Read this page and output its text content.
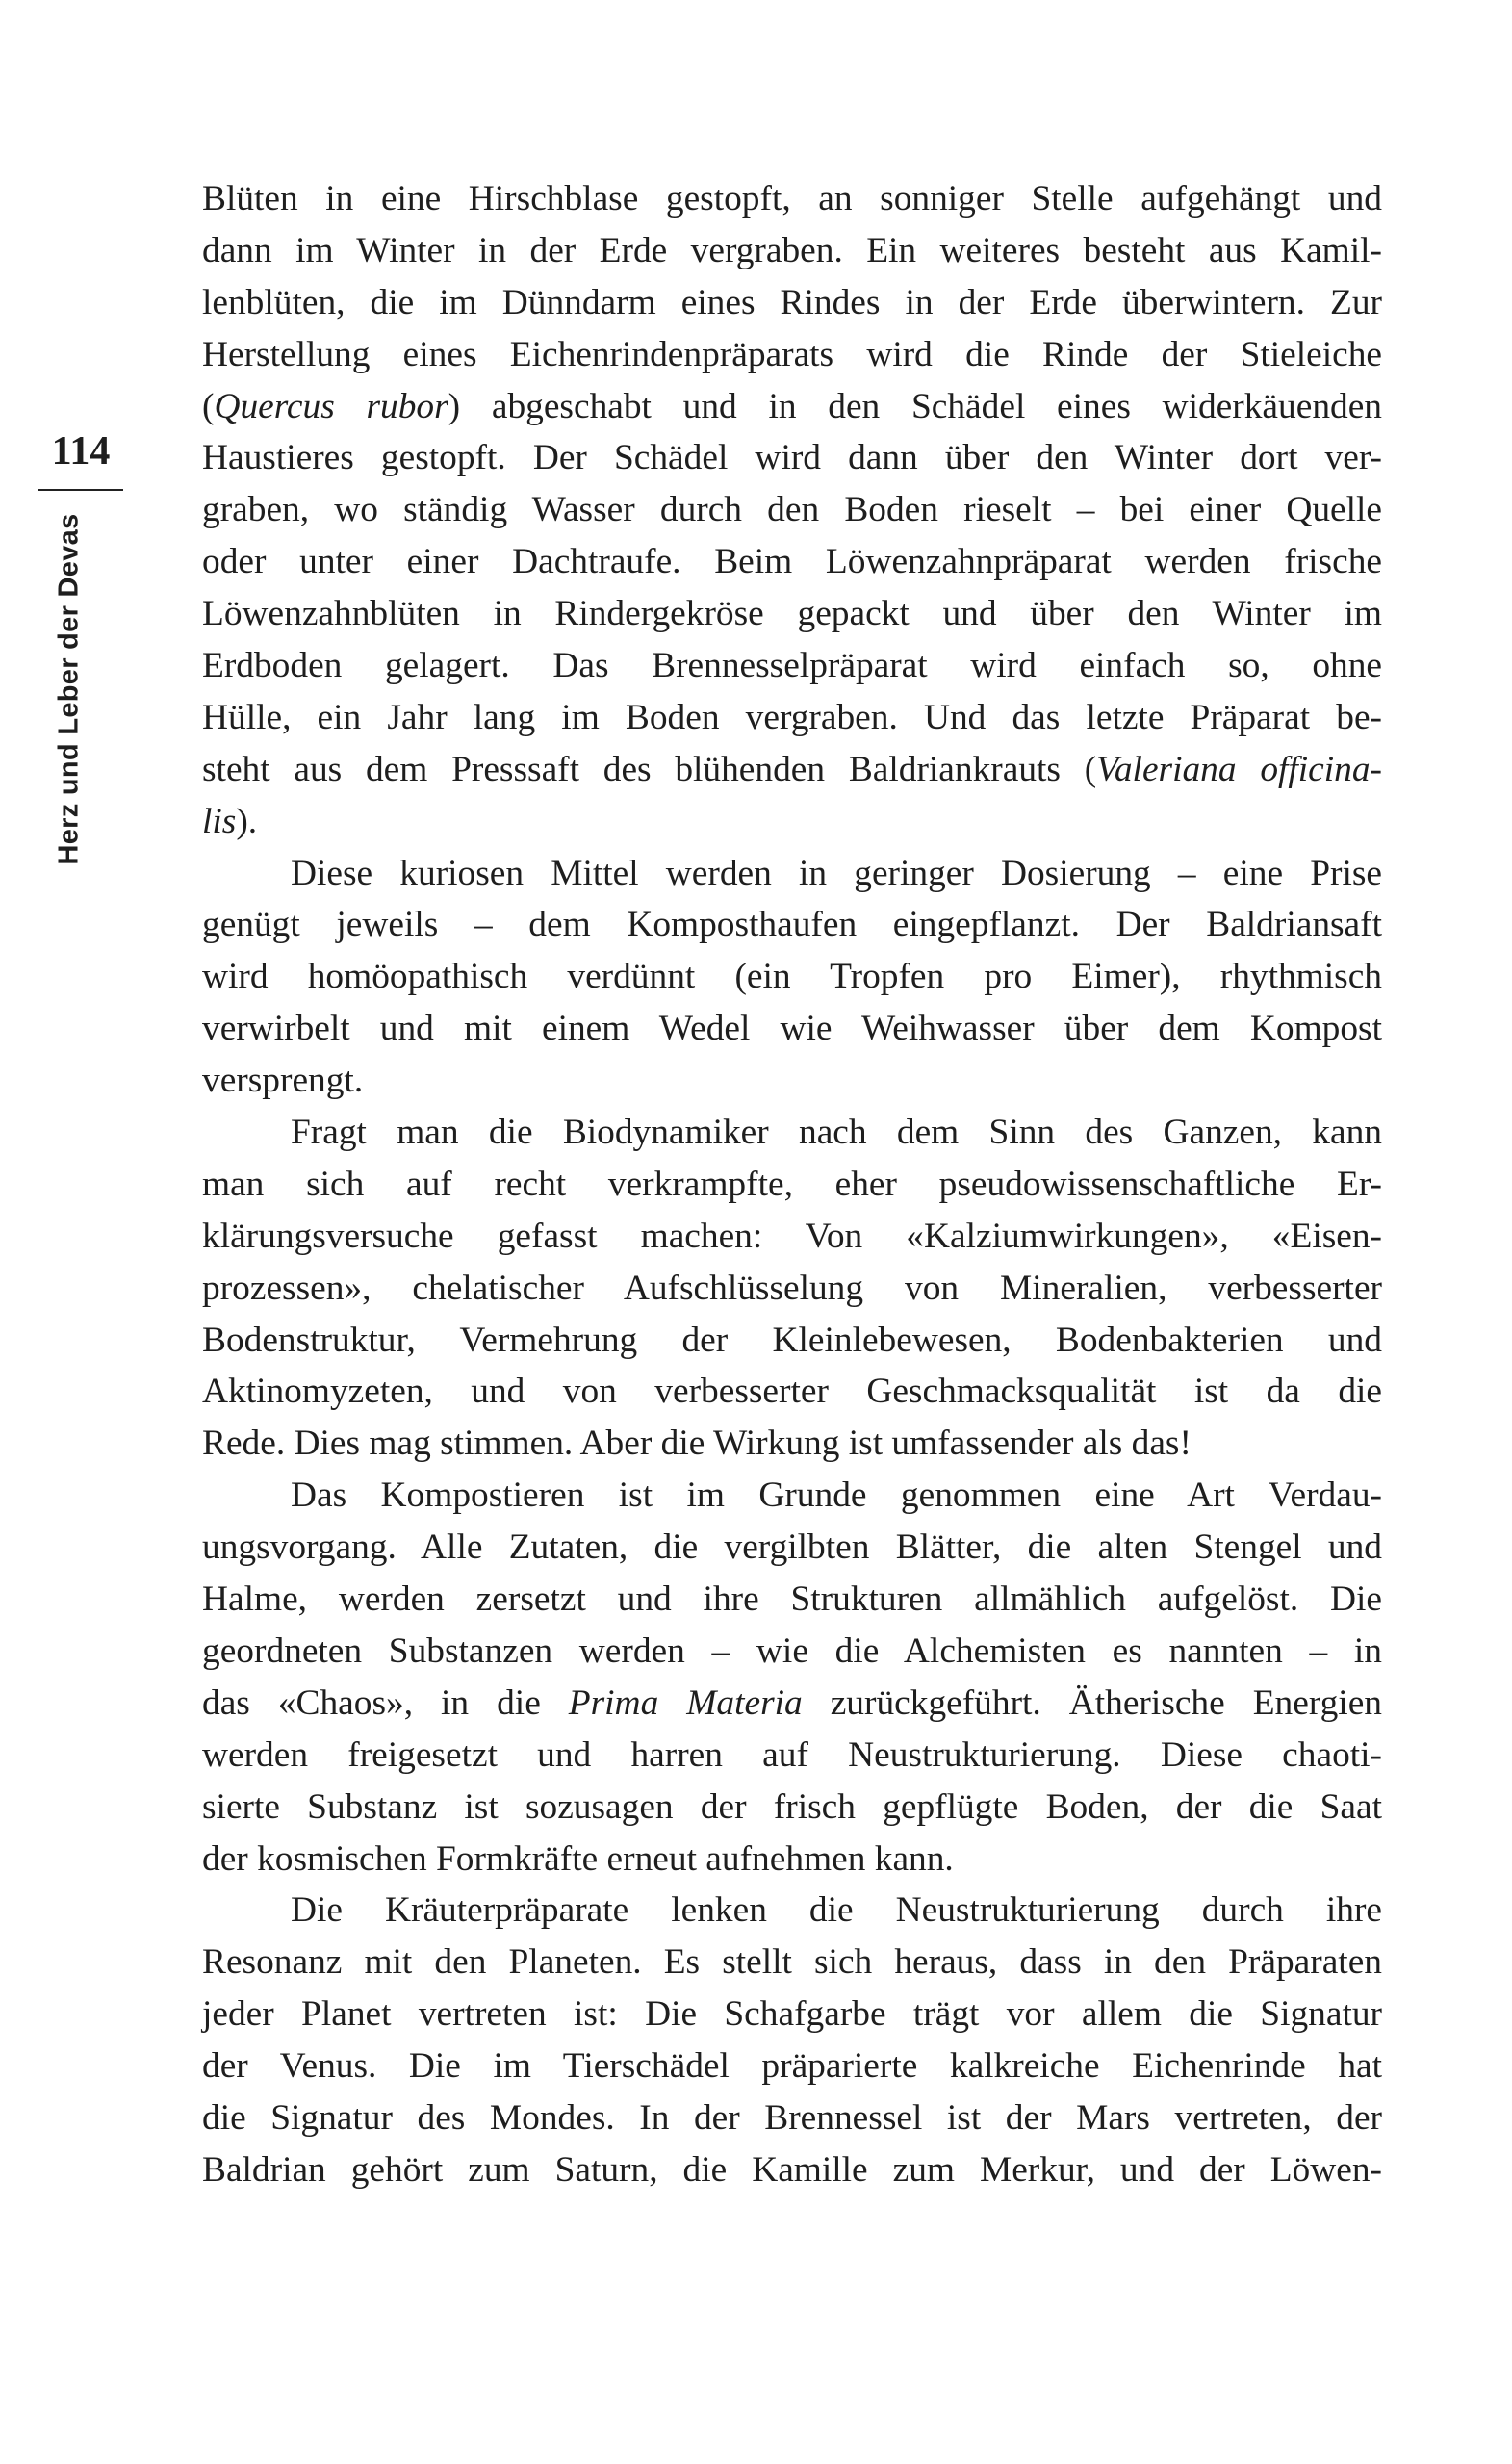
114
Herz und Leber der Devas
Blüten in eine Hirschblase gestopft, an sonniger Stelle aufgehängt und
dann im Winter in der Erde vergraben. Ein weiteres besteht aus Kamil-
lenblüten, die im Dünndarm eines Rindes in der Erde überwintern. Zur
Herstellung eines Eichenrindenpräparats wird die Rinde der Stieleiche
(Quercus rubor) abgeschabt und in den Schädel eines widerkäuenden
Haustieres gestopft. Der Schädel wird dann über den Winter dort ver-
graben, wo ständig Wasser durch den Boden rieselt – bei einer Quelle
oder unter einer Dachtraufe. Beim Löwenzahnpräparat werden frische
Löwenzahnblüten in Rindergekröse gepackt und über den Winter im
Erdboden gelagert. Das Brennesselpräparat wird einfach so, ohne
Hülle, ein Jahr lang im Boden vergraben. Und das letzte Präparat be-
steht aus dem Presssaft des blühenden Baldriankrauts (Valeriana officina-
lis).
Diese kuriosen Mittel werden in geringer Dosierung – eine Prise
genügt jeweils – dem Komposthaufen eingepflanzt. Der Baldriansaft
wird homöopathisch verdünnt (ein Tropfen pro Eimer), rhythmisch
verwirbelt und mit einem Wedel wie Weihwasser über dem Kompost
versprengt.
Fragt man die Biodynamiker nach dem Sinn des Ganzen, kann
man sich auf recht verkrampfte, eher pseudowissenschaftliche Er-
klärungsversuche gefasst machen: Von «Kalziumwirkungen», «Eisen-
prozessen», chelatischer Aufschlüsselung von Mineralien, verbesserter
Bodenstruktur, Vermehrung der Kleinlebewesen, Bodenbakterien und
Aktinomyzeten, und von verbesserter Geschmacksqualität ist da die
Rede. Dies mag stimmen. Aber die Wirkung ist umfassender als das!
Das Kompostieren ist im Grunde genommen eine Art Verdau-
ungsvorgang. Alle Zutaten, die vergilbten Blätter, die alten Stengel und
Halme, werden zersetzt und ihre Strukturen allmählich aufgelöst. Die
geordneten Substanzen werden – wie die Alchemisten es nannten – in
das «Chaos», in die Prima Materia zurückgeführt. Ätherische Energien
werden freigesetzt und harren auf Neustrukturierung. Diese chaoti-
sierte Substanz ist sozusagen der frisch gepflügte Boden, der die Saat
der kosmischen Formkräfte erneut aufnehmen kann.
Die Kräuterpräparate lenken die Neustrukturierung durch ihre
Resonanz mit den Planeten. Es stellt sich heraus, dass in den Präparaten
jeder Planet vertreten ist: Die Schafgarbe trägt vor allem die Signatur
der Venus. Die im Tierschädel präparierte kalkreiche Eichenrinde hat
die Signatur des Mondes. In der Brennessel ist der Mars vertreten, der
Baldrian gehört zum Saturn, die Kamille zum Merkur, und der Löwen-
